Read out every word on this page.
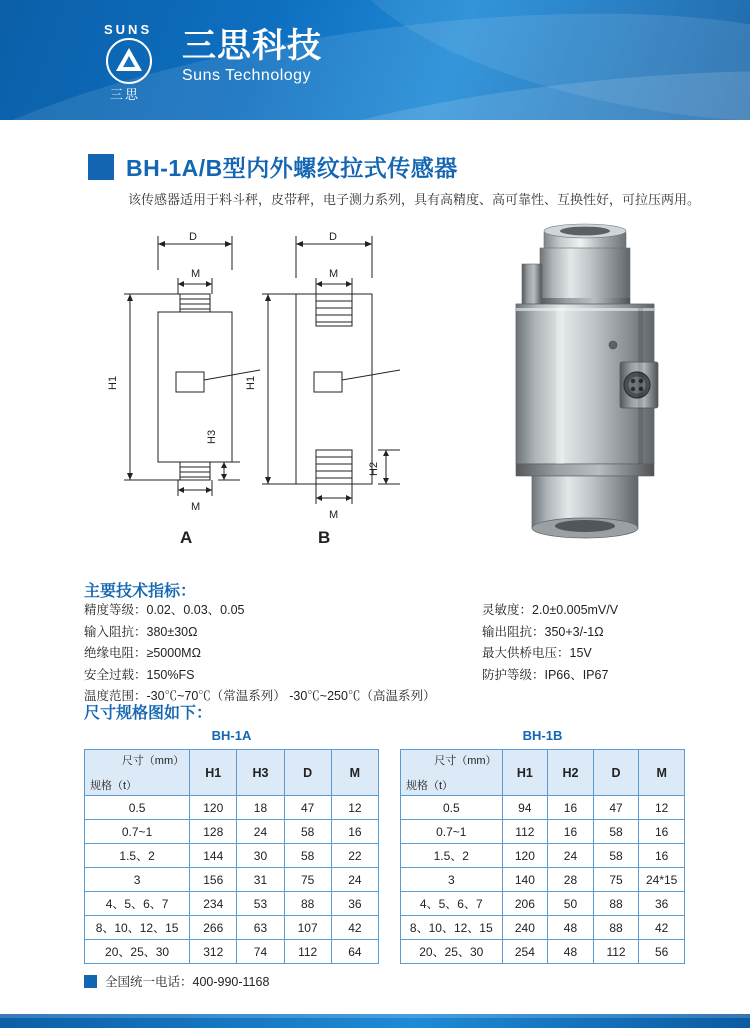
SUNS
三思
三思科技
Suns Technology
BH-1A/B型内外螺纹拉式传感器
该传感器适用于料斗秤，皮带秤，电子测力系列，具有高精度、高可靠性、互换性好，可拉压两用。
D
M
M
H1
H3
D
M
M
H1
H2
A	B
主要技术指标：
精度等级：0.02、0.03、0.05
输入阻抗：380±30Ω
绝缘电阻：≥5000MΩ
安全过载：150%FS
温度范围：-30℃~70℃（常温系列） -30℃~250℃（高温系列）
灵敏度：2.0±0.005mV/V
输出阻抗：350+3/-1Ω
最大供桥电压：15V
防护等级：IP66、IP67
尺寸规格图如下：
BH-1A
尺寸（mm）
规格（t）	H1	H3	D	M
0.5	120	18	47	12
0.7~1	128	24	58	16
1.5、2	144	30	58	22
3	156	31	75	24
4、5、6、7	234	53	88	36
8、10、12、15	266	63	107	42
20、25、30	312	74	112	64
BH-1B
尺寸（mm）
规格（t）	H1	H2	D	M
0.5	94	16	47	12
0.7~1	112	16	58	16
1.5、2	120	24	58	16
3	140	28	75	24*15
4、5、6、7	206	50	88	36
8、10、12、15	240	48	88	42
20、25、30	254	48	112	56
全国统一电话：400-990-1168
